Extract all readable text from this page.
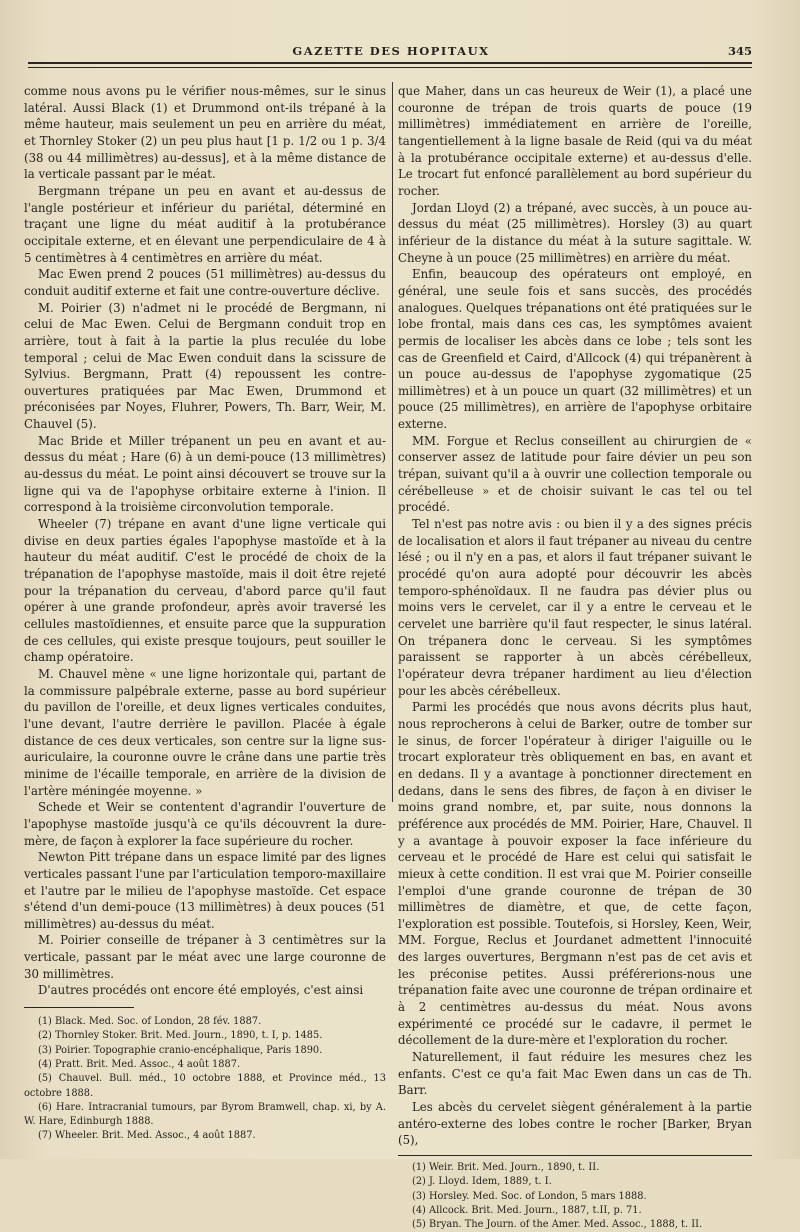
GAZETTE DES HOPITAUX	345

comme nous avons pu le vérifier nous-mêmes, sur le sinus latéral. Aussi Black (1) et Drummond ont-ils trépané à la même hauteur, mais seulement un peu en arrière du méat, et Thornley Stoker (2) un peu plus haut [1 p. 1/2 ou 1 p. 3/4 (38 ou 44 millimètres) au-dessus], et à la même distance de la verticale passant par le méat.

Bergmann trépane un peu en avant et au-dessus de l'angle postérieur et inférieur du pariétal, déterminé en traçant une ligne du méat auditif à la protubérance occipitale externe, et en élevant une perpendiculaire de 4 à 5 centimètres à 4 centimètres en arrière du méat.

Mac Ewen prend 2 pouces (51 millimètres) au-dessus du conduit auditif externe et fait une contre-ouverture déclive.

M. Poirier (3) n'admet ni le procédé de Bergmann, ni celui de Mac Ewen. Celui de Bergmann conduit trop en arrière, tout à fait à la partie la plus reculée du lobe temporal ; celui de Mac Ewen conduit dans la scissure de Sylvius. Bergmann, Pratt (4) repoussent les contre-ouvertures pratiquées par Mac Ewen, Drummond et préconisées par Noyes, Fluhrer, Powers, Th. Barr, Weir, M. Chauvel (5).

Mac Bride et Miller trépanent un peu en avant et au-dessus du méat ; Hare (6) à un demi-pouce (13 millimètres) au-dessus du méat. Le point ainsi découvert se trouve sur la ligne qui va de l'apophyse orbitaire externe à l'inion. Il correspond à la troisième circonvolution temporale.

Wheeler (7) trépane en avant d'une ligne verticale qui divise en deux parties égales l'apophyse mastoïde et à la hauteur du méat auditif. C'est le procédé de choix de la trépanation de l'apophyse mastoïde, mais il doit être rejeté pour la trépanation du cerveau, d'abord parce qu'il faut opérer à une grande profondeur, après avoir traversé les cellules mastoïdiennes, et ensuite parce que la suppuration de ces cellules, qui existe presque toujours, peut souiller le champ opératoire.

M. Chauvel mène « une ligne horizontale qui, partant de la commissure palpébrale externe, passe au bord supérieur du pavillon de l'oreille, et deux lignes verticales conduites, l'une devant, l'autre derrière le pavillon. Placée à égale distance de ces deux verticales, son centre sur la ligne sus-auriculaire, la couronne ouvre le crâne dans une partie très minime de l'écaille temporale, en arrière de la division de l'artère méningée moyenne. »

Schede et Weir se contentent d'agrandir l'ouverture de l'apophyse mastoïde jusqu'à ce qu'ils découvrent la dure-mère, de façon à explorer la face supérieure du rocher.

Newton Pitt trépane dans un espace limité par des lignes verticales passant l'une par l'articulation temporo-maxillaire et l'autre par le milieu de l'apophyse mastoïde. Cet espace s'étend d'un demi-pouce (13 millimètres) à deux pouces (51 millimètres) au-dessus du méat.

M. Poirier conseille de trépaner à 3 centimètres sur la verticale, passant par le méat avec une large couronne de 30 millimètres.

D'autres procédés ont encore été employés, c'est ainsi

(1) Black. Med. Soc. of London, 28 fév. 1887.

(2) Thornley Stoker. Brit. Med. Journ., 1890, t. I, p. 1485.

(3) Poirier. Topographie cranio-encéphalique, Paris 1890.

(4) Pratt. Brit. Med. Assoc., 4 août 1887.

(5) Chauvel. Bull. méd., 10 octobre 1888, et Province méd., 13 octobre 1888.

(6) Hare. Intracranial tumours, par Byrom Bramwell, chap. xi, by A. W. Hare, Edinburgh 1888.

(7) Wheeler. Brit. Med. Assoc., 4 août 1887.

que Maher, dans un cas heureux de Weir (1), a placé une couronne de trépan de trois quarts de pouce (19 millimètres) immédiatement en arrière de l'oreille, tangentiellement à la ligne basale de Reid (qui va du méat à la protubérance occipitale externe) et au-dessus d'elle. Le trocart fut enfoncé parallèlement au bord supérieur du rocher.

Jordan Lloyd (2) a trépané, avec succès, à un pouce au-dessus du méat (25 millimètres). Horsley (3) au quart inférieur de la distance du méat à la suture sagittale. W. Cheyne à un pouce (25 millimètres) en arrière du méat.

Enfin, beaucoup des opérateurs ont employé, en général, une seule fois et sans succès, des procédés analogues. Quelques trépanations ont été pratiquées sur le lobe frontal, mais dans ces cas, les symptômes avaient permis de localiser les abcès dans ce lobe ; tels sont les cas de Greenfield et Caird, d'Allcock (4) qui trépanèrent à un pouce au-dessus de l'apophyse zygomatique (25 millimètres) et à un pouce un quart (32 millimètres) et un pouce (25 millimètres), en arrière de l'apophyse orbitaire externe.

MM. Forgue et Reclus conseillent au chirurgien de « conserver assez de latitude pour faire dévier un peu son trépan, suivant qu'il a à ouvrir une collection temporale ou cérébelleuse » et de choisir suivant le cas tel ou tel procédé.

Tel n'est pas notre avis : ou bien il y a des signes précis de localisation et alors il faut trépaner au niveau du centre lésé ; ou il n'y en a pas, et alors il faut trépaner suivant le procédé qu'on aura adopté pour découvrir les abcès temporo-sphénoïdaux. Il ne faudra pas dévier plus ou moins vers le cervelet, car il y a entre le cerveau et le cervelet une barrière qu'il faut respecter, le sinus latéral. On trépanera donc le cerveau. Si les symptômes paraissent se rapporter à un abcès cérébelleux, l'opérateur devra trépaner hardiment au lieu d'élection pour les abcès cérébelleux.

Parmi les procédés que nous avons décrits plus haut, nous reprocherons à celui de Barker, outre de tomber sur le sinus, de forcer l'opérateur à diriger l'aiguille ou le trocart explorateur très obliquement en bas, en avant et en dedans. Il y a avantage à ponctionner directement en dedans, dans le sens des fibres, de façon à en diviser le moins grand nombre, et, par suite, nous donnons la préférence aux procédés de MM. Poirier, Hare, Chauvel. Il y a avantage à pouvoir exposer la face inférieure du cerveau et le procédé de Hare est celui qui satisfait le mieux à cette condition. Il est vrai que M. Poirier conseille l'emploi d'une grande couronne de trépan de 30 millimètres de diamètre, et que, de cette façon, l'exploration est possible. Toutefois, si Horsley, Keen, Weir, MM. Forgue, Reclus et Jourdanet admettent l'innocuité des larges ouvertures, Bergmann n'est pas de cet avis et les préconise petites. Aussi préférerions-nous une trépanation faite avec une couronne de trépan ordinaire et à 2 centimètres au-dessus du méat. Nous avons expérimenté ce procédé sur le cadavre, il permet le décollement de la dure-mère et l'exploration du rocher.

Naturellement, il faut réduire les mesures chez les enfants. C'est ce qu'a fait Mac Ewen dans un cas de Th. Barr.

Les abcès du cervelet siègent généralement à la partie antéro-externe des lobes contre le rocher [Barker, Bryan (5),

(1) Weir. Brit. Med. Journ., 1890, t. II.

(2) J. Lloyd. Idem, 1889, t. I.

(3) Horsley. Med. Soc. of London, 5 mars 1888.

(4) Allcock. Brit. Med. Journ., 1887, t.II, p. 71.

(5) Bryan. The Journ. of the Amer. Med. Assoc., 1888, t. II.
